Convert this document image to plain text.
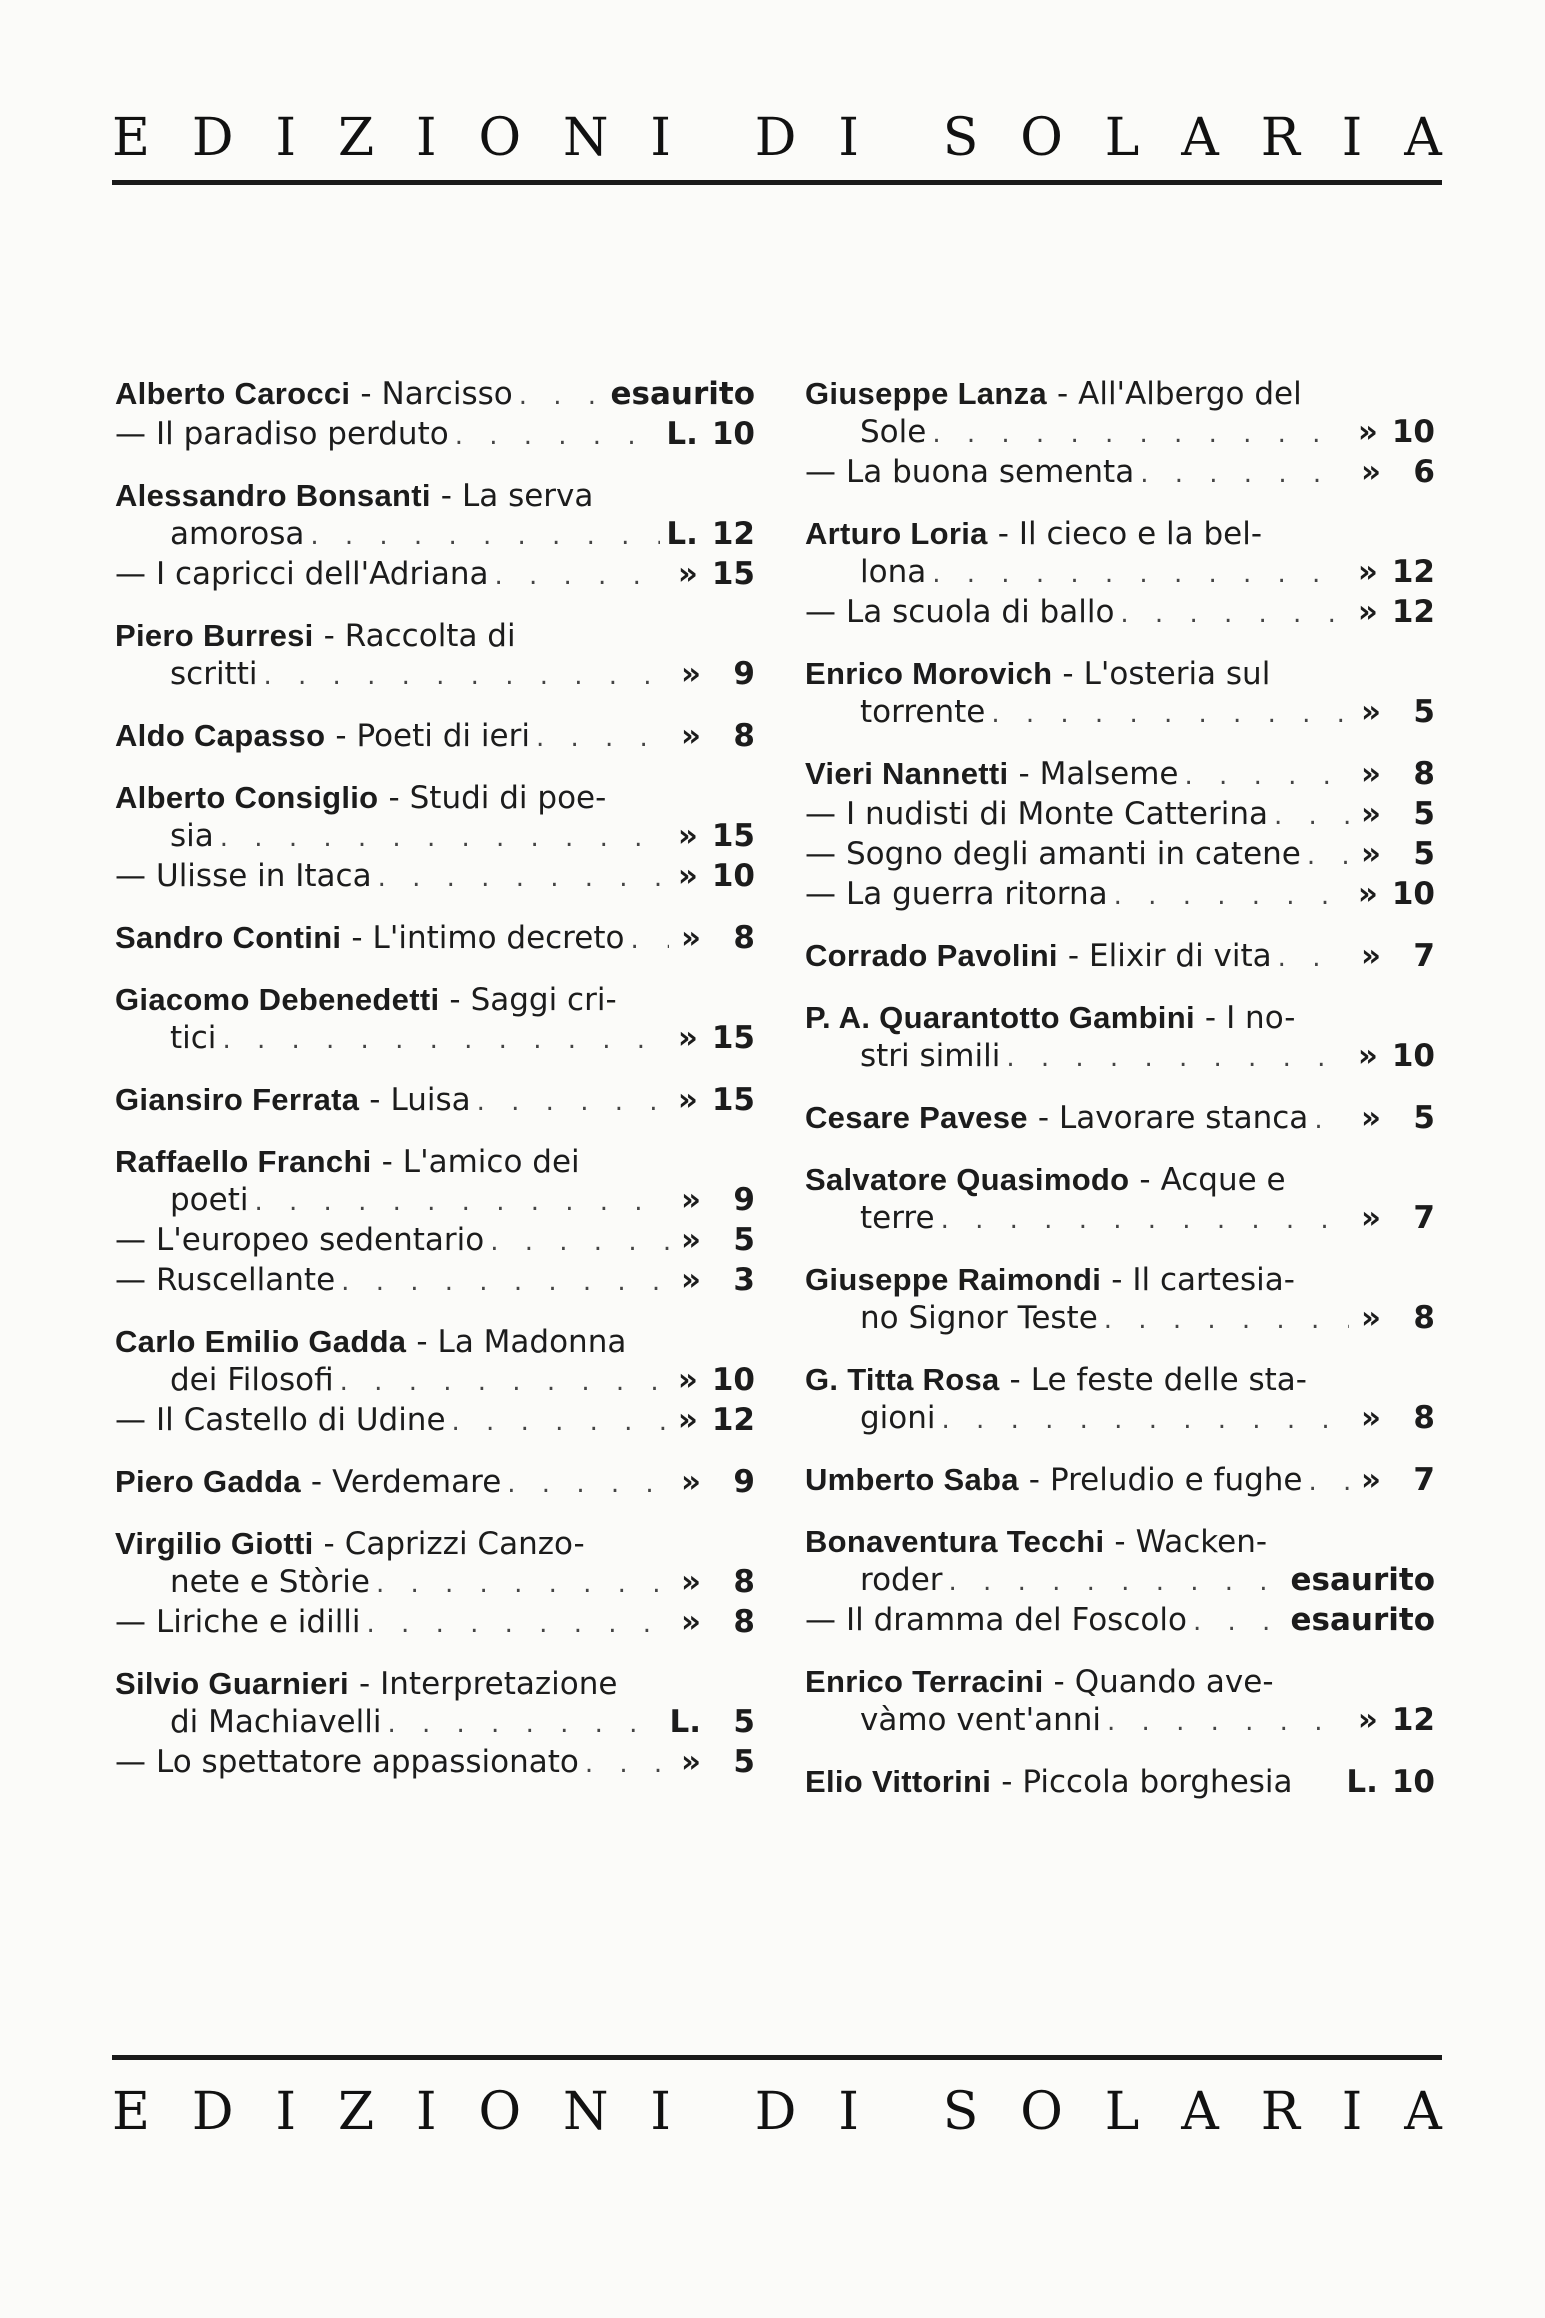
E D I Z I O N I D I S O L A R I A
Alberto Carocci - Narcisso . . .	esaurito
— Il paradiso perduto . . .	L. 10
Alessandro Bonsanti - La serva
amorosa . . .	L. 12
— I capricci dell'Adriana . . .	» 15
Piero Burresi - Raccolta di
scritti . . .	»	9
Aldo Capasso - Poeti di ieri . . .	»	8
Alberto Consiglio - Studi di poe-
sia . . .	» 15
— Ulisse in Itaca . . .	» 10
Sandro Contini - L'intimo decreto . . . »	8
Giacomo Debenedetti - Saggi cri-
tici . . .	» 15
Giansiro Ferrata - Luisa . . .	» 15
Raffaello Franchi - L'amico dei
poeti . . .	»	9
— L'europeo sedentario . . .	»	5
— Ruscellante . . .	»	3
Carlo Emilio Gadda - La Madonna
dei Filosofi . . .	» 10
— Il Castello di Udine . . .	» 12
Piero Gadda - Verdemare . . .	»	9
Virgilio Giotti - Caprizzi Canzo-
nete e Stòrie . . .	»	8
— Liriche e idilli . . .	»	8
Silvio Guarnieri - Interpretazione
di Machiavelli . . .	L.	5
— Lo spettatore appassionato . . .	»	5
Giuseppe Lanza - All'Albergo del
Sole . . .	» 10
— La buona sementa . . .	»	6
Arturo Loria - Il cieco e la bel-
lona . . .	» 12
— La scuola di ballo . . .	» 12
Enrico Morovich - L'osteria sul
torrente . . .	»	5
Vieri Nannetti - Malseme . . .	»	8
— I nudisti di Monte Catterina . . .	»	5
— Sogno degli amanti in catene . . . »	5
— La guerra ritorna . . .	» 10
Corrado Pavolini - Elixir di vita . . .	»	7
P. A. Quarantotto Gambini - I no-
stri simili . . .	» 10
Cesare Pavese - Lavorare stanca . . . »	5
Salvatore Quasimodo - Acque e
terre . . .	»	7
Giuseppe Raimondi - Il cartesia-
no Signor Teste . . .	»	8
G. Titta Rosa - Le feste delle sta-
gioni . . .	»	8
Umberto Saba - Preludio e fughe . . . »	7
Bonaventura Tecchi - Wacken-
roder . . .	esaurito
— Il dramma del Foscolo . . .	esaurito
Enrico Terracini - Quando ave-
vàmo vent'anni . . .	» 12
Elio Vittorini - Piccola borghesia L. 10
E D I Z I O N I D I S O L A R I A
